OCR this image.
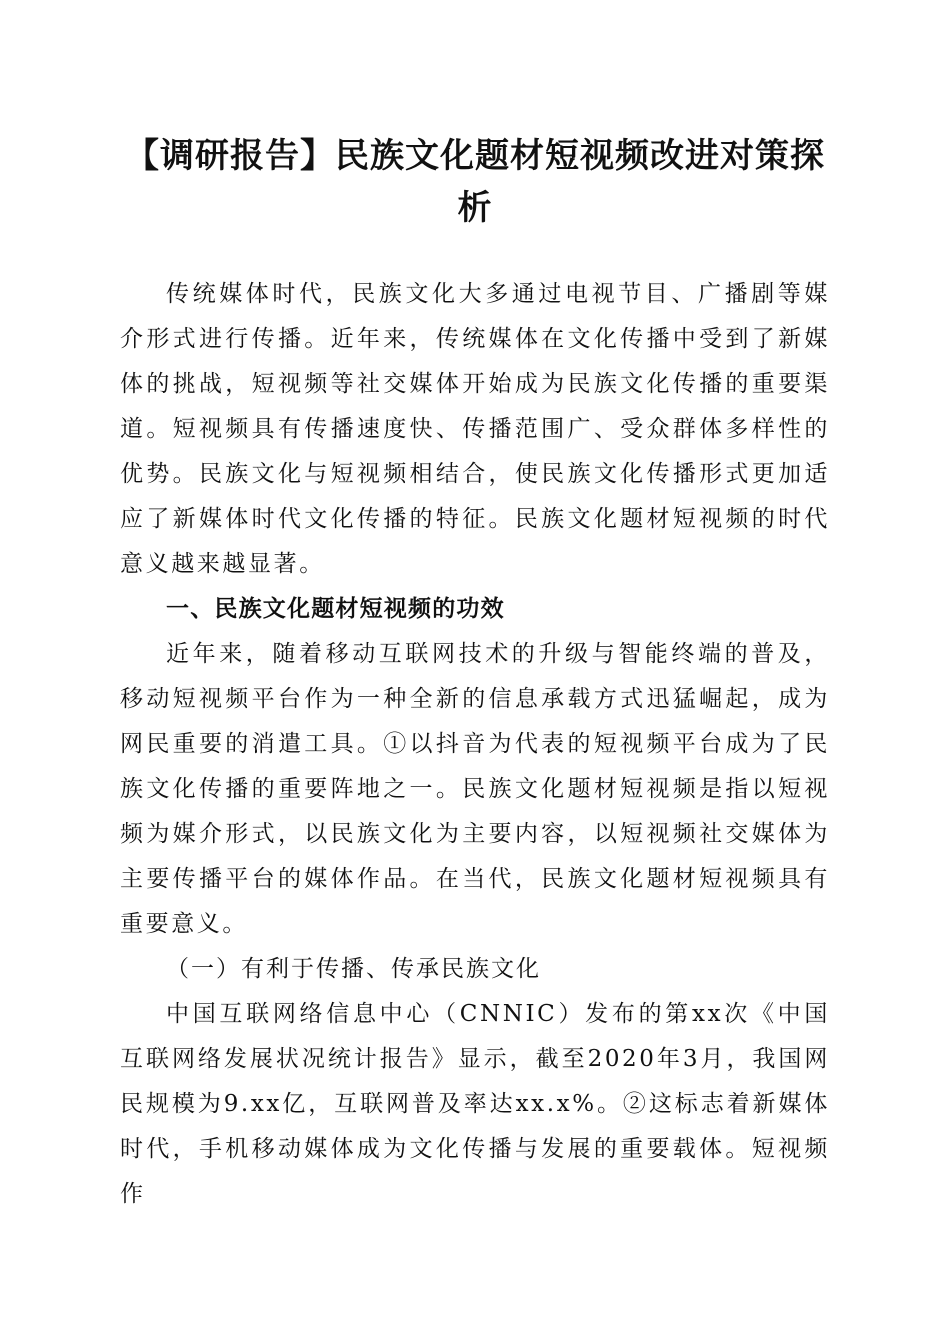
【调研报告】民族文化题材短视频改进对策探析

传统媒体时代，民族文化大多通过电视节目、广播剧等媒介形式进行传播。近年来，传统媒体在文化传播中受到了新媒体的挑战，短视频等社交媒体开始成为民族文化传播的重要渠道。短视频具有传播速度快、传播范围广、受众群体多样性的优势。民族文化与短视频相结合，使民族文化传播形式更加适应了新媒体时代文化传播的特征。民族文化题材短视频的时代意义越来越显著。

一、民族文化题材短视频的功效

近年来，随着移动互联网技术的升级与智能终端的普及，移动短视频平台作为一种全新的信息承载方式迅猛崛起，成为网民重要的消遣工具。①以抖音为代表的短视频平台成为了民族文化传播的重要阵地之一。民族文化题材短视频是指以短视频为媒介形式，以民族文化为主要内容，以短视频社交媒体为主要传播平台的媒体作品。在当代，民族文化题材短视频具有重要意义。

（一）有利于传播、传承民族文化

中国互联网络信息中心（CNNIC）发布的第xx次《中国互联网络发展状况统计报告》显示，截至2020年3月，我国网民规模为9.xx亿，互联网普及率达xx.x%。②这标志着新媒体时代，手机移动媒体成为文化传播与发展的重要载体。短视频作
